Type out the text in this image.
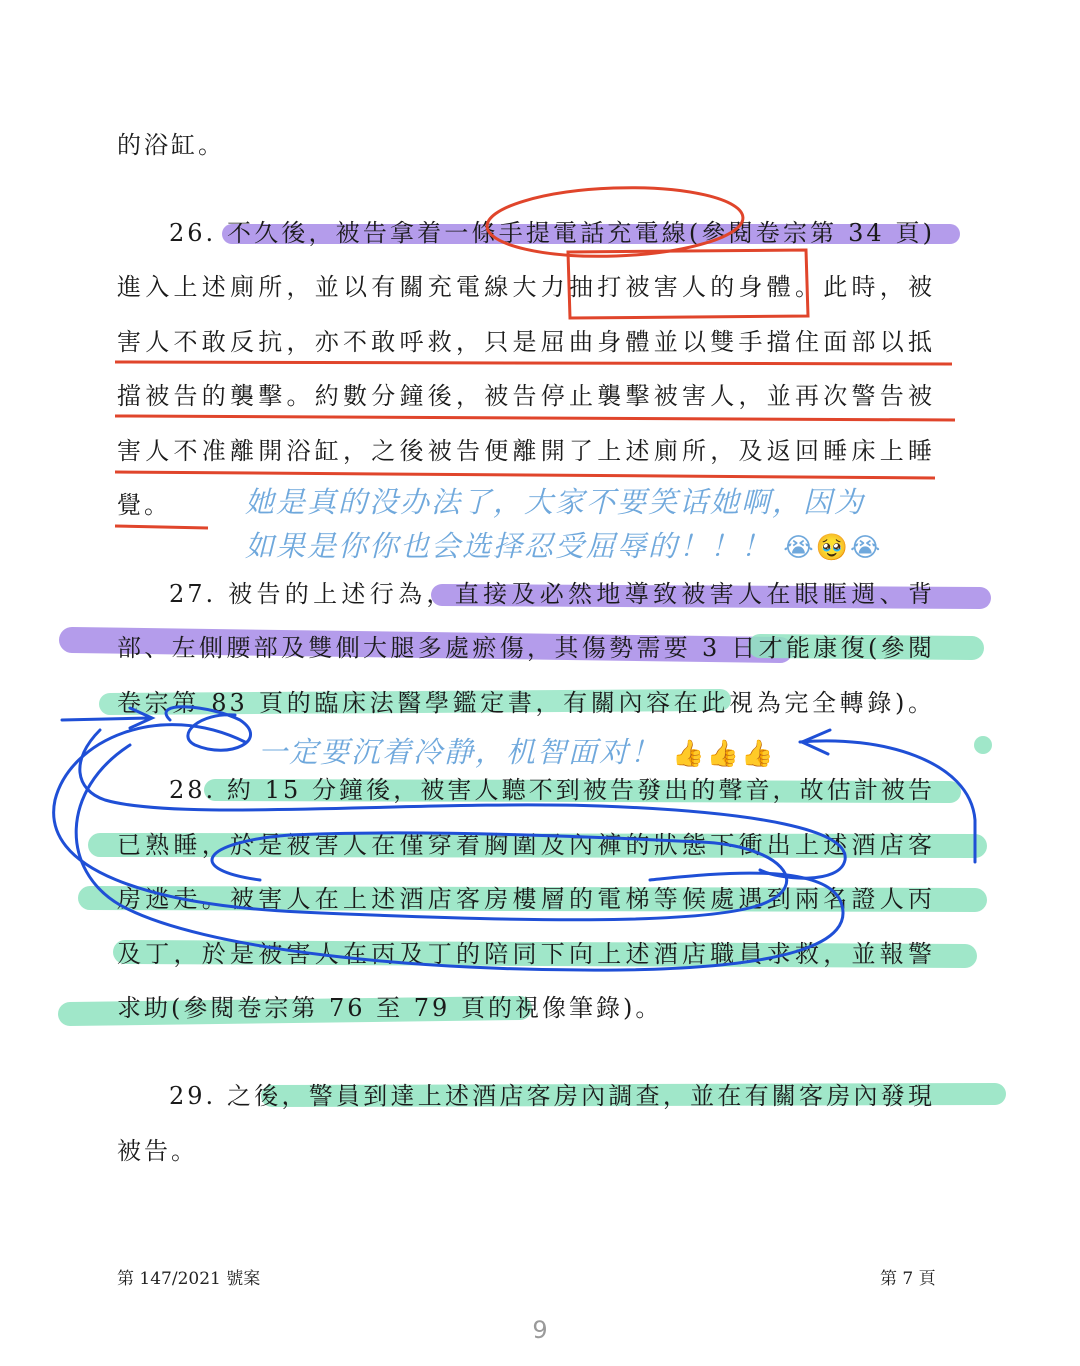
的浴缸。
26. 不久後，被告拿着一條手提電話充電線(參閱卷宗第 34 頁)
進入上述廁所，並以有關充電線大力抽打被害人的身體。此時，被
害人不敢反抗，亦不敢呼救，只是屈曲身體並以雙手擋住面部以抵
擋被告的襲擊。約數分鐘後，被告停止襲擊被害人，並再次警告被
害人不准離開浴缸，之後被告便離開了上述廁所，及返回睡床上睡
覺。
27. 被告的上述行為，直接及必然地導致被害人在眼眶週、背
部、左側腰部及雙側大腿多處瘀傷，其傷勢需要 3 日才能康復(參閱
卷宗第 83 頁的臨床法醫學鑑定書，有關內容在此視為完全轉錄)。
28. 約 15 分鐘後，被害人聽不到被告發出的聲音，故估計被告
已熟睡，於是被害人在僅穿着胸圍及內褲的狀態下衝出上述酒店客
房逃走。被害人在上述酒店客房樓層的電梯等候處遇到兩名證人丙
及丁，於是被害人在丙及丁的陪同下向上述酒店職員求救，並報警
求助(參閱卷宗第 76 至 79 頁的視像筆錄)。
29. 之後，警員到達上述酒店客房內調查，並在有關客房內發現
被告。
她是真的没办法了，大家不要笑话她啊，因为
如果是你你也会选择忍受屈辱的！！！ 😭🥹😭
一定要沉着冷静，机智面对！ 👍👍👍
第 147/2021 號案	第 7 頁
9
